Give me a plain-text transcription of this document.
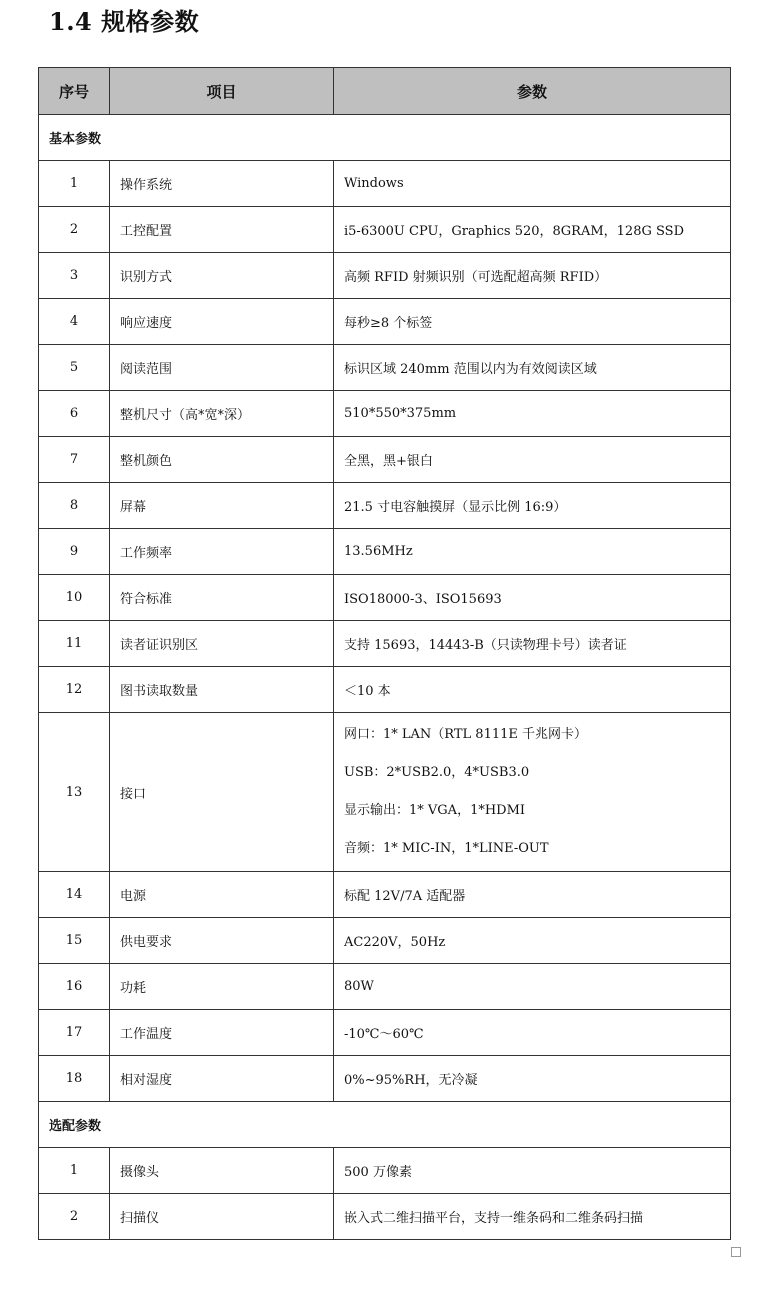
1.4 规格参数
序号	项目	参数
基本参数		
1	操作系统	Windows
2	工控配置	i5-6300U CPU，Graphics 520，8GRAM，128G SSD
3	识别方式	高频 RFID 射频识别（可选配超高频 RFID）
4	响应速度	每秒≥8 个标签
5	阅读范围	标识区域 240mm 范围以内为有效阅读区域
6	整机尺寸（高*宽*深）	510*550*375mm
7	整机颜色	全黑，黑+银白
8	屏幕	21.5 寸电容触摸屏（显示比例 16:9）
9	工作频率	13.56MHz
10	符合标准	ISO18000-3、ISO15693
11	读者证识别区	支持 15693，14443-B（只读物理卡号）读者证
12	图书读取数量	＜10 本
13	接口	网口：1* LAN（RTL 8111E 千兆网卡）
USB：2*USB2.0，4*USB3.0
显示输出：1* VGA，1*HDMI
音频：1* MIC-IN，1*LINE-OUT

14	电源	标配 12V/7A 适配器
15	供电要求	AC220V，50Hz
16	功耗	80W
17	工作温度	-10℃～60℃
18	相对湿度	0%~95%RH，无冷凝
选配参数		
1	摄像头	500 万像素
2	扫描仪	嵌入式二维扫描平台，支持一维条码和二维条码扫描
